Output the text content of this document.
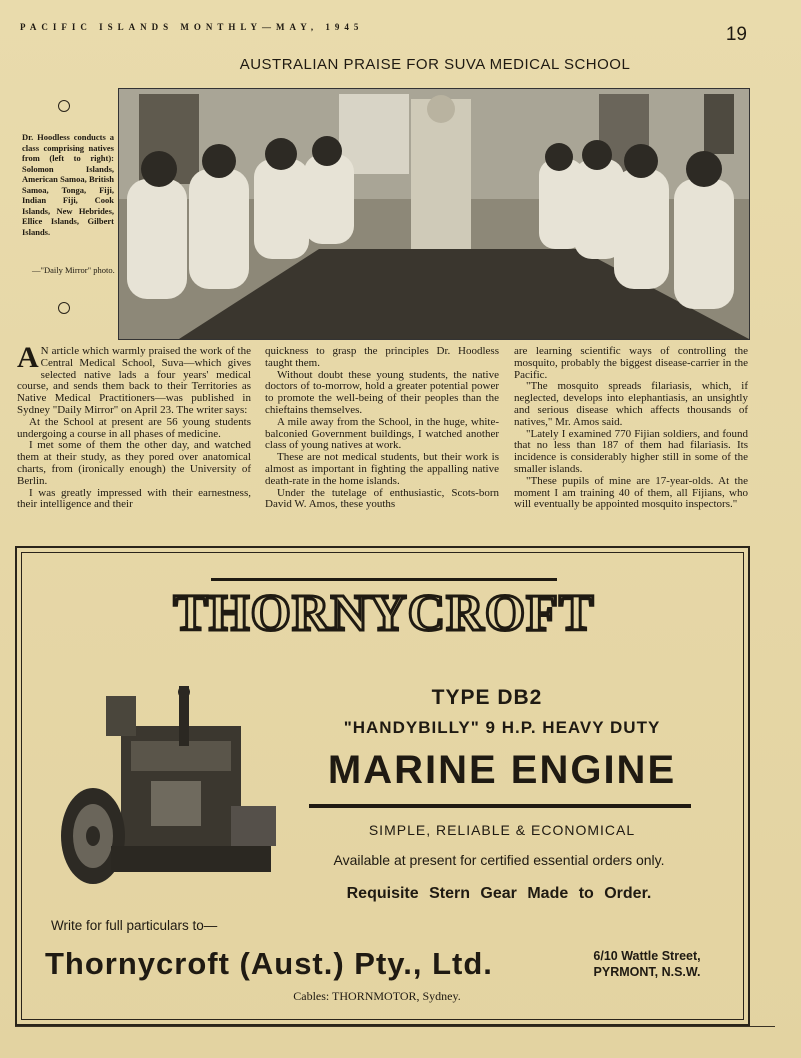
PACIFIC ISLANDS MONTHLY—MAY, 1945	19
AUSTRALIAN PRAISE FOR SUVA MEDICAL SCHOOL
Dr. Hoodless conducts a class comprising natives from (left to right): Solomon Islands, American Samoa, British Samoa, Tonga, Fiji, Indian Fiji, Cook Islands, New Hebrides, Ellice Islands, Gilbert Islands.
—"Daily Mirror" photo.

A N article which warmly praised the work of the Central Medical School, Suva—which gives selected native lads a four years' medical course, and sends them back to their Territories as Native Medical Practitioners—was published in Sydney "Daily Mirror" on April 23. The writer says:

At the School at present are 56 young students undergoing a course in all phases of medicine.

I met some of them the other day, and watched them at their study, as they pored over anatomical charts, from (ironically enough) the University of Berlin.

I was greatly impressed with their earnestness, their intelligence and their

quickness to grasp the principles Dr. Hoodless taught them.

Without doubt these young students, the native doctors of to-morrow, hold a greater potential power to promote the well-being of their peoples than the chieftains themselves.

A mile away from the School, in the huge, white-balconied Government buildings, I watched another class of young natives at work.

These are not medical students, but their work is almost as important in fighting the appalling native death-rate in the home islands.

Under the tutelage of enthusiastic, Scots-born David W. Amos, these youths

are learning scientific ways of controlling the mosquito, probably the biggest disease-carrier in the Pacific.

"The mosquito spreads filariasis, which, if neglected, develops into elephantiasis, an unsightly and serious disease which affects thousands of natives," Mr. Amos said.

"Lately I examined 770 Fijian soldiers, and found that no less than 187 of them had filariasis. Its incidence is considerably higher still in some of the smaller islands.

"These pupils of mine are 17-year-olds. At the moment I am training 40 of them, all Fijians, who will eventually be appointed mosquito inspectors."

THORNYCROFT
TYPE DB2
"HANDYBILLY" 9 H.P. HEAVY DUTY
MARINE ENGINE
SIMPLE, RELIABLE & ECONOMICAL
Available at present for certified essential orders only.
Requisite Stern Gear Made to Order.
Write for full particulars to—
Thornycroft (Aust.) Pty., Ltd.	6/10 Wattle Street,
PYRMONT, N.S.W.
Cables: THORNMOTOR, Sydney.
